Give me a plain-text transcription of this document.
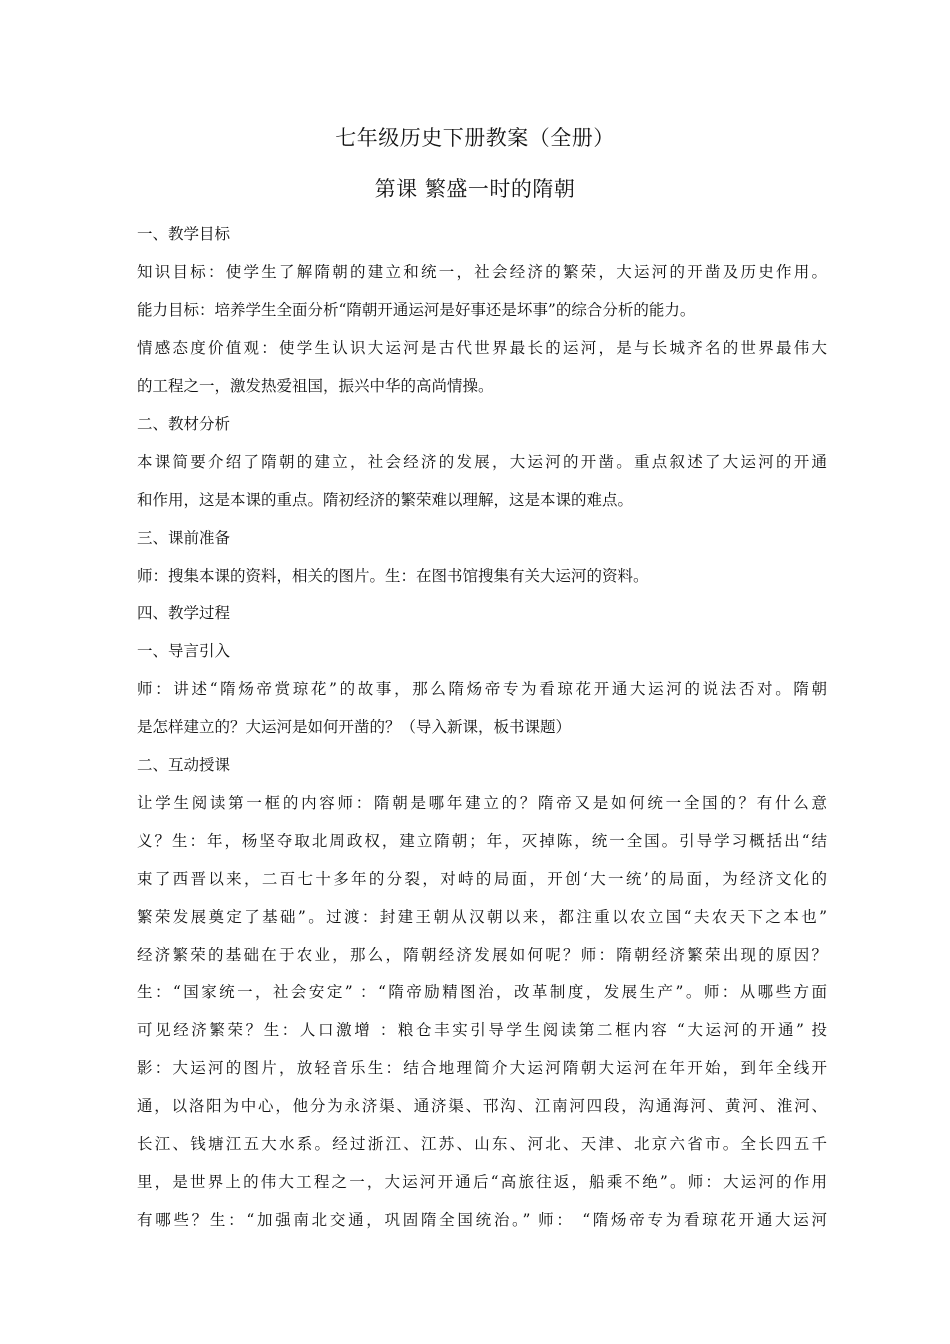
七年级历史下册教案（全册）
第课 繁盛一时的隋朝
一、教学目标
知识目标：使学生了解隋朝的建立和统一，社会经济的繁荣，大运河的开凿及历史作用。
能力目标：培养学生全面分析“隋朝开通运河是好事还是坏事”的综合分析的能力。
情感态度价值观：使学生认识大运河是古代世界最长的运河，是与长城齐名的世界最伟大
的工程之一，激发热爱祖国，振兴中华的高尚情操。
二、教材分析
本课简要介绍了隋朝的建立，社会经济的发展，大运河的开凿。重点叙述了大运河的开通
和作用，这是本课的重点。隋初经济的繁荣难以理解，这是本课的难点。
三、课前准备
师：搜集本课的资料，相关的图片。生：在图书馆搜集有关大运河的资料。
四、教学过程
一、导言引入
师：讲述“隋炀帝赏琼花”的故事，那么隋炀帝专为看琼花开通大运河的说法否对。隋朝
是怎样建立的？大运河是如何开凿的？（导入新课，板书课题）
二、互动授课
让学生阅读第一框的内容师：隋朝是哪年建立的？隋帝又是如何统一全国的？有什么意
义？生：年，杨坚夺取北周政权，建立隋朝；年，灭掉陈，统一全国。引导学习概括出“结
束了西晋以来，二百七十多年的分裂，对峙的局面，开创‘大一统’的局面，为经济文化的
繁荣发展奠定了基础”。过渡：封建王朝从汉朝以来，都注重以农立国“夫农天下之本也”
经济繁荣的基础在于农业，那么，隋朝经济发展如何呢？师：隋朝经济繁荣出现的原因？
生：“国家统一，社会安定” ：“隋帝励精图治，改革制度，发展生产”。师：从哪些方面
可见经济繁荣？生：人口激增 ：粮仓丰实引导学生阅读第二框内容 “大运河的开通” 投
影：大运河的图片，放轻音乐生：结合地理简介大运河隋朝大运河在年开始，到年全线开
通，以洛阳为中心，他分为永济渠、通济渠、邗沟、江南河四段，沟通海河、黄河、淮河、
长江、钱塘江五大水系。经过浙江、江苏、山东、河北、天津、北京六省市。全长四五千
里，是世界上的伟大工程之一，大运河开通后“高旅往返，船乘不绝”。师：大运河的作用
有哪些？生：“加强南北交通，巩固隋全国统治。” 师： “隋炀帝专为看琼花开通大运河
